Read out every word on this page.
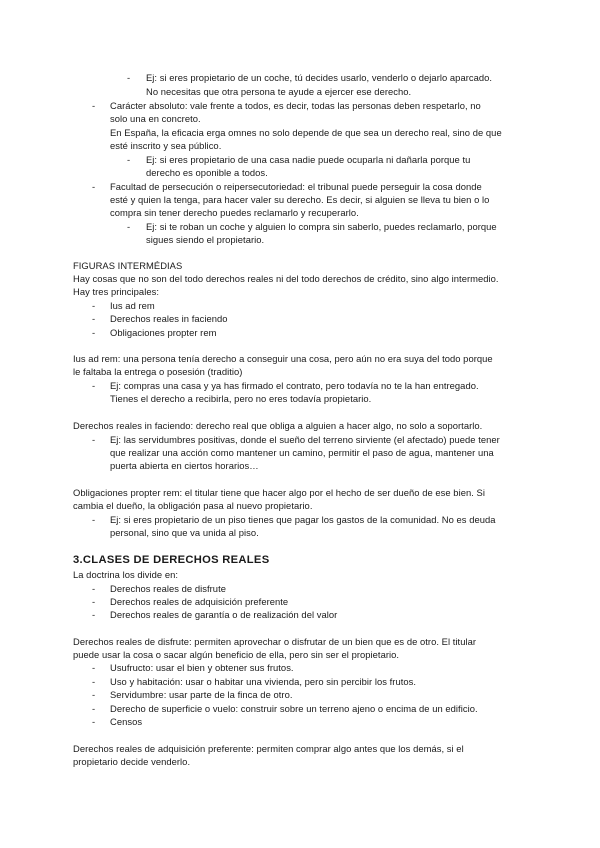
- Ej: si eres propietario de un coche, tú decides usarlo, venderlo o dejarlo aparcado.
No necesitas que otra persona te ayude a ejercer ese derecho.
- Carácter absoluto: vale frente a todos, es decir, todas las personas deben respetarlo, no
solo una en concreto.
En España, la eficacia erga omnes no solo depende de que sea un derecho real, sino de que
esté inscrito y sea público.
- Ej: si eres propietario de una casa nadie puede ocuparla ni dañarla porque tu
derecho es oponible a todos.
- Facultad de persecución o reipersecutoriedad: el tribunal puede perseguir la cosa donde
esté y quien la tenga, para hacer valer su derecho. Es decir, si alguien se lleva tu bien o lo
compra sin tener derecho puedes reclamarlo y recuperarlo.
- Ej: si te roban un coche y alguien lo compra sin saberlo, puedes reclamarlo, porque
sigues siendo el propietario.
FIGURAS INTERMÉDIAS
Hay cosas que no son del todo derechos reales ni del todo derechos de crédito, sino algo intermedio.
Hay tres principales:
- Ius ad rem
- Derechos reales in faciendo
- Obligaciones propter rem
Ius ad rem: una persona tenía derecho a conseguir una cosa, pero aún no era suya del todo porque
le faltaba la entrega o posesión (traditio)
- Ej: compras una casa y ya has firmado el contrato, pero todavía no te la han entregado.
Tienes el derecho a recibirla, pero no eres todavía propietario.
Derechos reales in faciendo: derecho real que obliga a alguien a hacer algo, no solo a soportarlo.
- Ej: las servidumbres positivas, donde el sueño del terreno sirviente (el afectado) puede tener
que realizar una acción como mantener un camino, permitir el paso de agua, mantener una
puerta abierta en ciertos horarios…
Obligaciones propter rem: el titular tiene que hacer algo por el hecho de ser dueño de ese bien. Si
cambia el dueño, la obligación pasa al nuevo propietario.
- Ej: si eres propietario de un piso tienes que pagar los gastos de la comunidad. No es deuda
personal, sino que va unida al piso.
3.CLASES DE DERECHOS REALES
La doctrina los divide en:
- Derechos reales de disfrute
- Derechos reales de adquisición preferente
- Derechos reales de garantía o de realización del valor
Derechos reales de disfrute: permiten aprovechar o disfrutar de un bien que es de otro. El titular
puede usar la cosa o sacar algún beneficio de ella, pero sin ser el propietario.
- Usufructo: usar el bien y obtener sus frutos.
- Uso y habitación: usar o habitar una vivienda, pero sin percibir los frutos.
- Servidumbre: usar parte de la finca de otro.
- Derecho de superficie o vuelo: construir sobre un terreno ajeno o encima de un edificio.
- Censos
Derechos reales de adquisición preferente: permiten comprar algo antes que los demás, si el
propietario decide venderlo.
